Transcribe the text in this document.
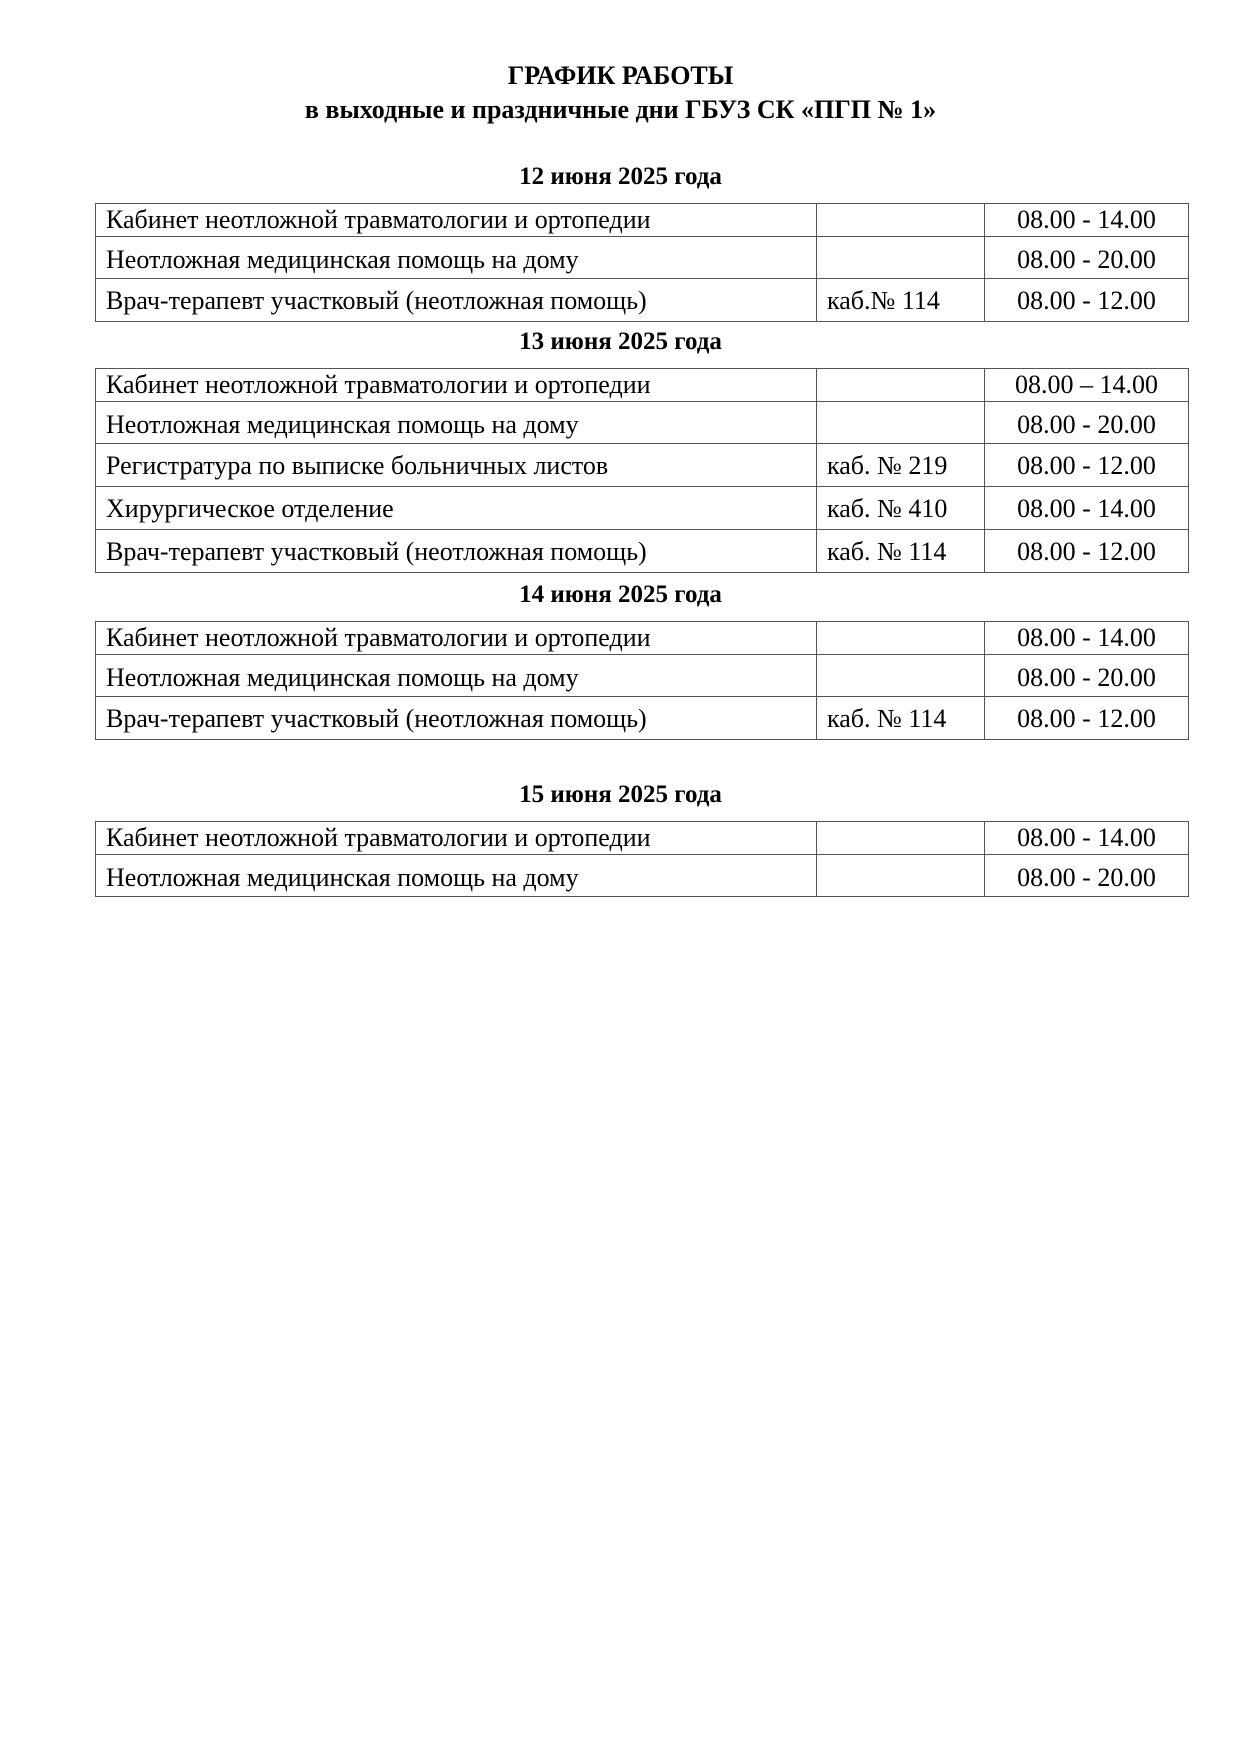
ГРАФИК РАБОТЫ
в выходные и праздничные дни ГБУЗ СК «ПГП № 1»
12 июня 2025 года
Кабинет неотложной травматологии и ортопедии		08.00 - 14.00
Неотложная медицинская помощь на дому		08.00 - 20.00
Врач-терапевт участковый (неотложная помощь)	каб.№ 114	08.00 - 12.00
13 июня 2025 года
Кабинет неотложной травматологии и ортопедии		08.00 – 14.00
Неотложная медицинская помощь на дому		08.00 - 20.00
Регистратура по выписке больничных листов	каб. № 219	08.00 - 12.00
Хирургическое отделение	каб. № 410	08.00 - 14.00
Врач-терапевт участковый (неотложная помощь)	каб. № 114	08.00 - 12.00
14 июня 2025 года
Кабинет неотложной травматологии и ортопедии		08.00 - 14.00
Неотложная медицинская помощь на дому		08.00 - 20.00
Врач-терапевт участковый (неотложная помощь)	каб. № 114	08.00 - 12.00
15 июня 2025 года
Кабинет неотложной травматологии и ортопедии		08.00 - 14.00
Неотложная медицинская помощь на дому		08.00 - 20.00
